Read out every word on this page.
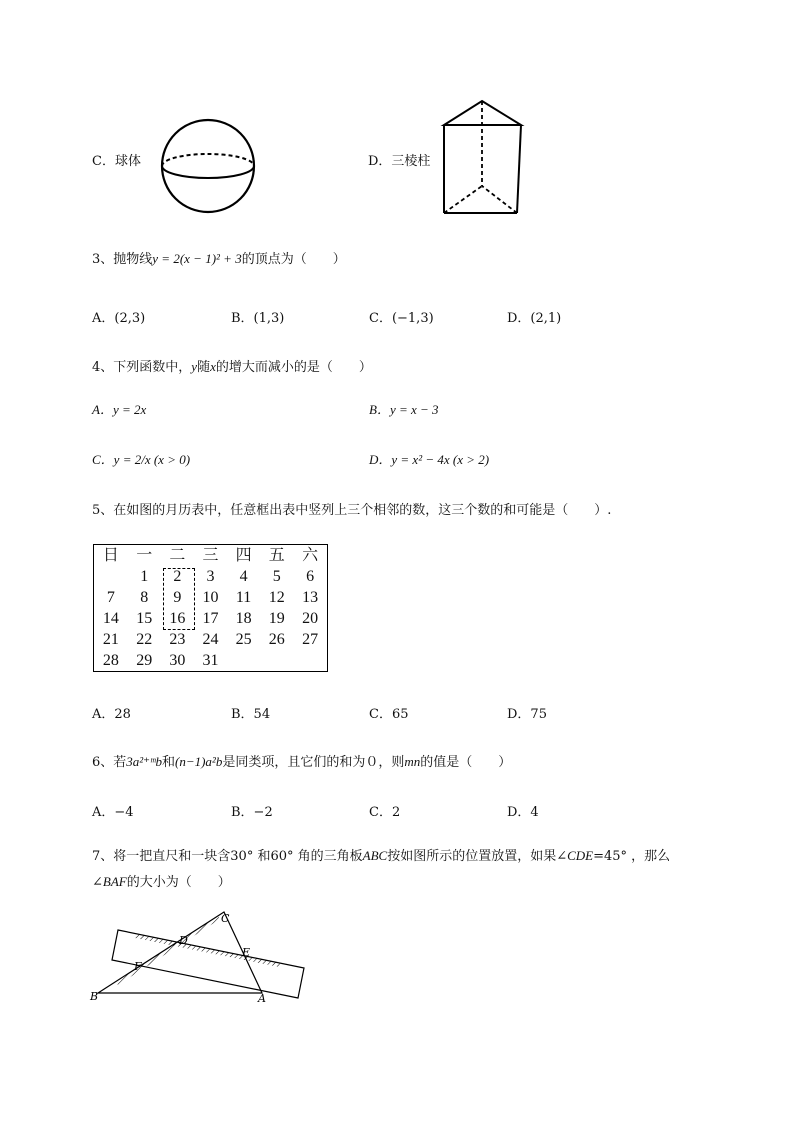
C．球体	D．三棱柱
3、抛物线y = 2(x − 1)² + 3的顶点为（　　）
A．(2,3)	B．(1,3)	C．(−1,3)	D．(2,1)
4、下列函数中，y随x的增大而减小的是（　　）
A．y = 2x	B．y = x − 3
C．y = 2/x (x > 0)	D．y = x² − 4x (x > 2)
5、在如图的月历表中，任意框出表中竖列上三个相邻的数，这三个数的和可能是（　　）.
日	一	二	三	四	五	六
	1	2	3	4	5	6
7	8	9	10	11	12	13
14	15	16	17	18	19	20
21	22	23	24	25	26	27
28	29	30	31			
A．28	B．54	C．65	D．75
6、若3a²⁺ᵐb和(n−1)a²b是同类项，且它们的和为０，则mn的值是（　　）
A．−4	B．−2	C．2	D．4
7、将一把直尺和一块含30° 和60° 角的三角板ABC按如图所示的位置放置，如果∠CDE=45° ，那么
∠BAF的大小为（　　）
B	A
C
D
E
F
